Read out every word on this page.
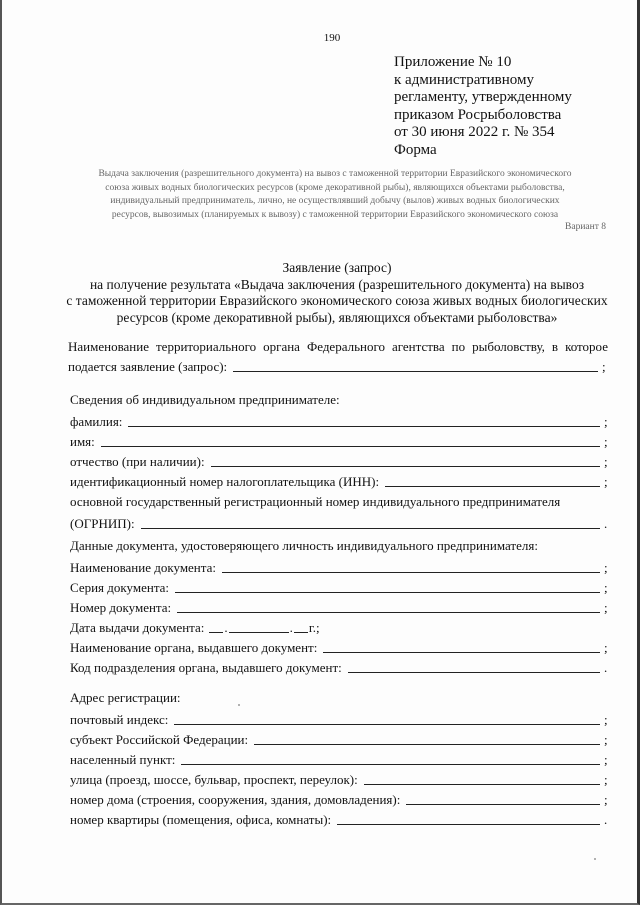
190
Приложение № 10
к административному
регламенту, утвержденному
приказом Росрыболовства
от 30 июня 2022 г. № 354
Форма
Выдача заключения (разрешительного документа) на вывоз с таможенной территории Евразийского экономического
союза живых водных биологических ресурсов (кроме декоративной рыбы), являющихся объектами рыболовства,
индивидуальный предприниматель, лично, не осуществлявший добычу (вылов) живых водных биологических
ресурсов, вывозимых (планируемых к вывозу) с таможенной территории Евразийского экономического союза
Вариант 8
Заявление (запрос)
на получение результата «Выдача заключения (разрешительного документа) на вывоз
с таможенной территории Евразийского экономического союза живых водных биологических
ресурсов (кроме декоративной рыбы), являющихся объектами рыболовства»
Наименование территориального органа Федерального агентства по рыболовству, в которое
подается заявление (запрос):	;
Сведения об индивидуальном предпринимателе:
фамилия:	;
имя:	;
отчество (при наличии):	;
идентификационный номер налогоплательщика (ИНН):	;
основной государственный регистрационный номер индивидуального предпринимателя
(ОГРНИП):	.
Данные документа, удостоверяющего личность индивидуального предпринимателя:
Наименование документа:	;
Серия документа:	;
Номер документа:	;
Дата выдачи документа: .	. г.;
Наименование органа, выдавшего документ:	;
Код подразделения органа, выдавшего документ:	.
Адрес регистрации:
почтовый индекс:	;
субъект Российской Федерации:	;
населенный пункт:	;
улица (проезд, шоссе, бульвар, проспект, переулок):	;
номер дома (строения, сооружения, здания, домовладения):	;
номер квартиры (помещения, офиса, комнаты):	.
